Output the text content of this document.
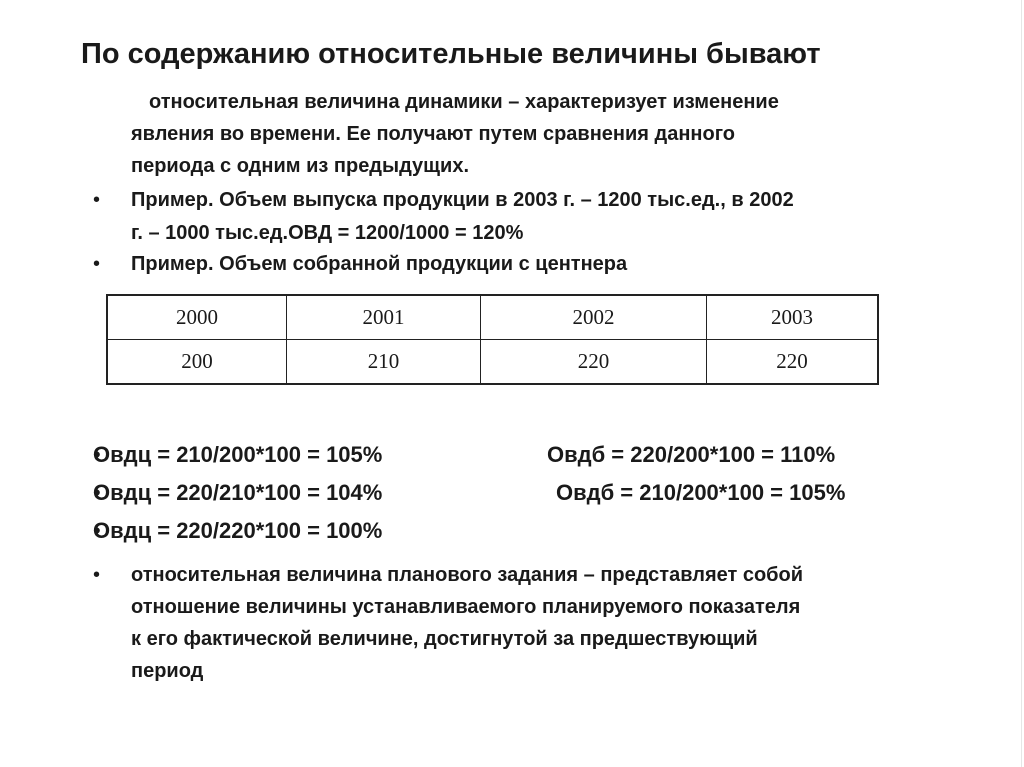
По содержанию относительные величины бывают

относительная величина динамики – характеризует изменение
явления во времени. Ее получают путем сравнения данного
периода с одним из предыдущих.

• Пример. Объем выпуска продукции в 2003 г. – 1200 тыс.ед., в 2002
г. – 1000 тыс.ед.ОВД = 1200/1000 = 120%
• Пример. Объем собранной продукции с центнера
2000	2001	2002	2003
200	210	220	220
• Овдц = 210/200*100 = 105%	Овдб = 220/200*100 = 110%
• Овдц = 220/210*100 = 104%	Овдб = 210/200*100 = 105%
• Овдц = 220/220*100 = 100%
• относительная величина планового задания – представляет собой
отношение величины устанавливаемого планируемого показателя
к его фактической величине, достигнутой за предшествующий
период
